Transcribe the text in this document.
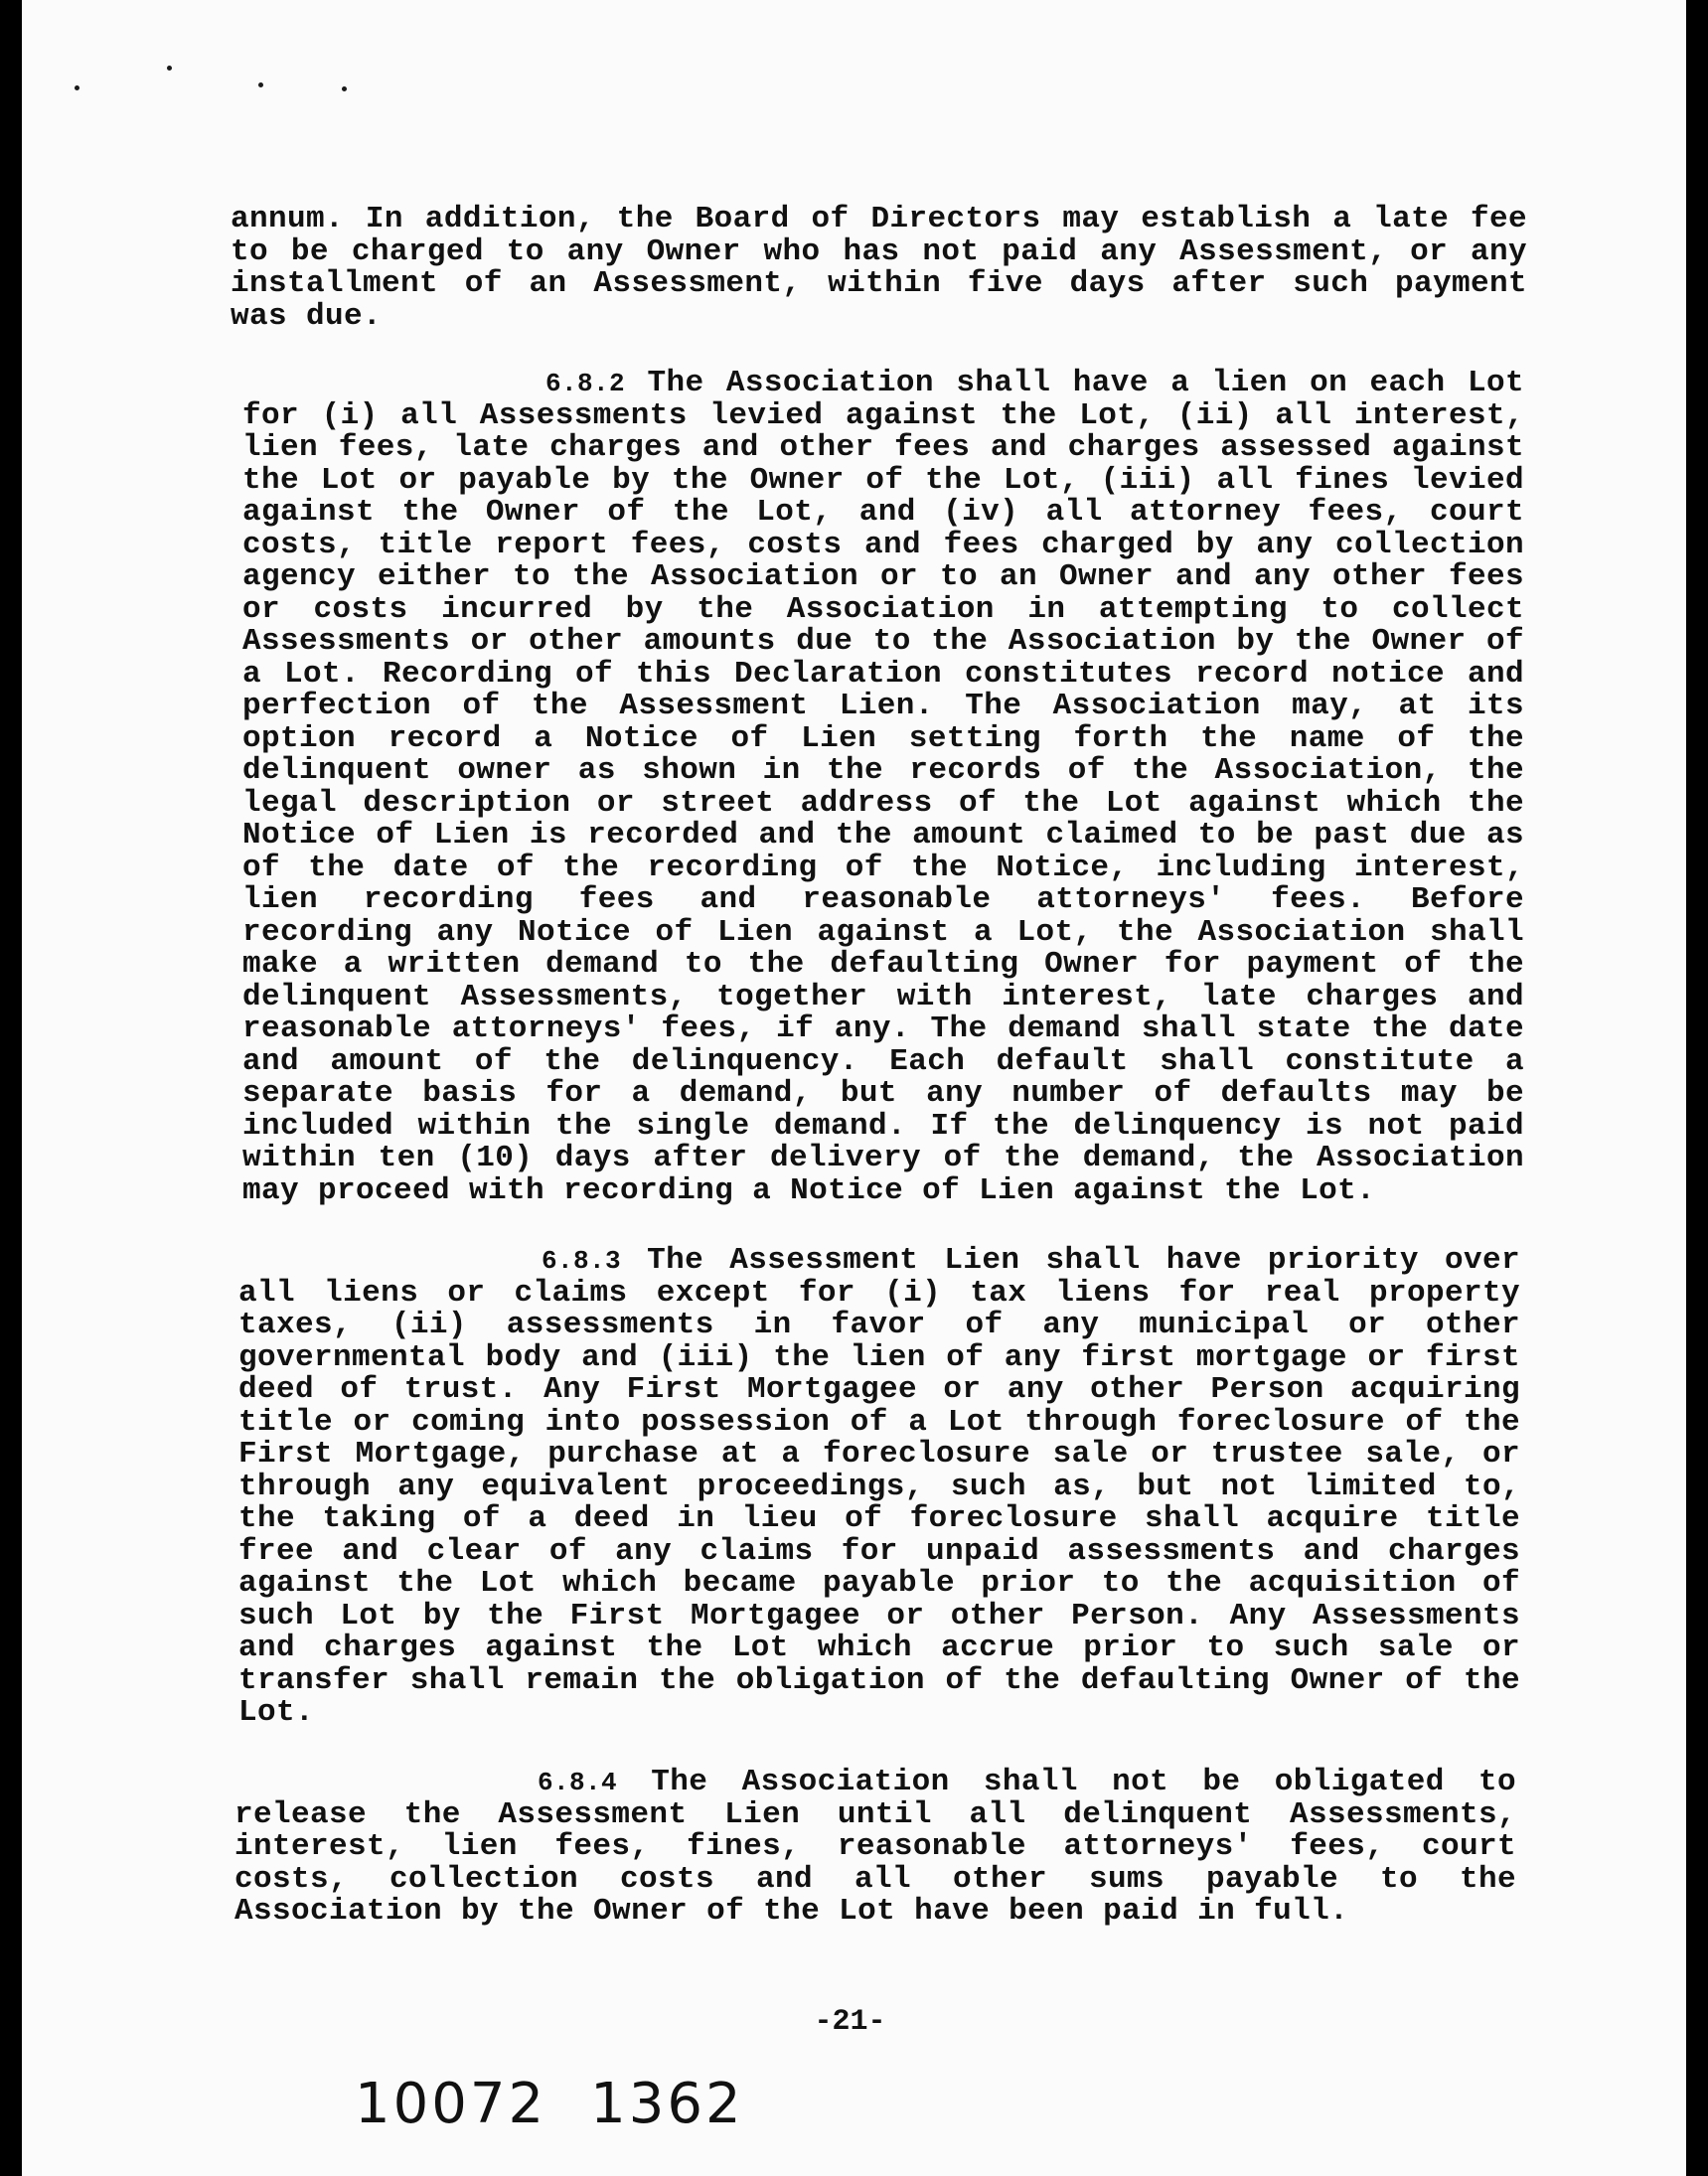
annum. In addition, the Board of Directors may establish a late fee to be charged to any Owner who has not paid any Assessment, or any installment of an Assessment, within five days after such payment was due.

6.8.2 The Association shall have a lien on each Lot for (i) all Assessments levied against the Lot, (ii) all interest, lien fees, late charges and other fees and charges assessed against the Lot or payable by the Owner of the Lot, (iii) all fines levied against the Owner of the Lot, and (iv) all attorney fees, court costs, title report fees, costs and fees charged by any collection agency either to the Association or to an Owner and any other fees or costs incurred by the Association in attempting to collect Assessments or other amounts due to the Association by the Owner of a Lot. Recording of this Declaration constitutes record notice and perfection of the Assessment Lien. The Association may, at its option record a Notice of Lien setting forth the name of the delinquent owner as shown in the records of the Association, the legal description or street address of the Lot against which the Notice of Lien is recorded and the amount claimed to be past due as of the date of the recording of the Notice, including interest, lien recording fees and reasonable attorneys' fees. Before recording any Notice of Lien against a Lot, the Association shall make a written demand to the defaulting Owner for payment of the delinquent Assessments, together with interest, late charges and reasonable attorneys' fees, if any. The demand shall state the date and amount of the delinquency. Each default shall constitute a separate basis for a demand, but any number of defaults may be included within the single demand. If the delinquency is not paid within ten (10) days after delivery of the demand, the Association may proceed with recording a Notice of Lien against the Lot.

6.8.3 The Assessment Lien shall have priority over all liens or claims except for (i) tax liens for real property taxes, (ii) assessments in favor of any municipal or other governmental body and (iii) the lien of any first mortgage or first deed of trust. Any First Mortgagee or any other Person acquiring title or coming into possession of a Lot through foreclosure of the First Mortgage, purchase at a foreclosure sale or trustee sale, or through any equivalent proceedings, such as, but not limited to, the taking of a deed in lieu of foreclosure shall acquire title free and clear of any claims for unpaid assessments and charges against the Lot which became payable prior to the acquisition of such Lot by the First Mortgagee or other Person. Any Assessments and charges against the Lot which accrue prior to such sale or transfer shall remain the obligation of the defaulting Owner of the Lot.

6.8.4 The Association shall not be obligated to release the Assessment Lien until all delinquent Assessments, interest, lien fees, fines, reasonable attorneys' fees, court costs, collection costs and all other sums payable to the Association by the Owner of the Lot have been paid in full.

-21-
10072 1362
